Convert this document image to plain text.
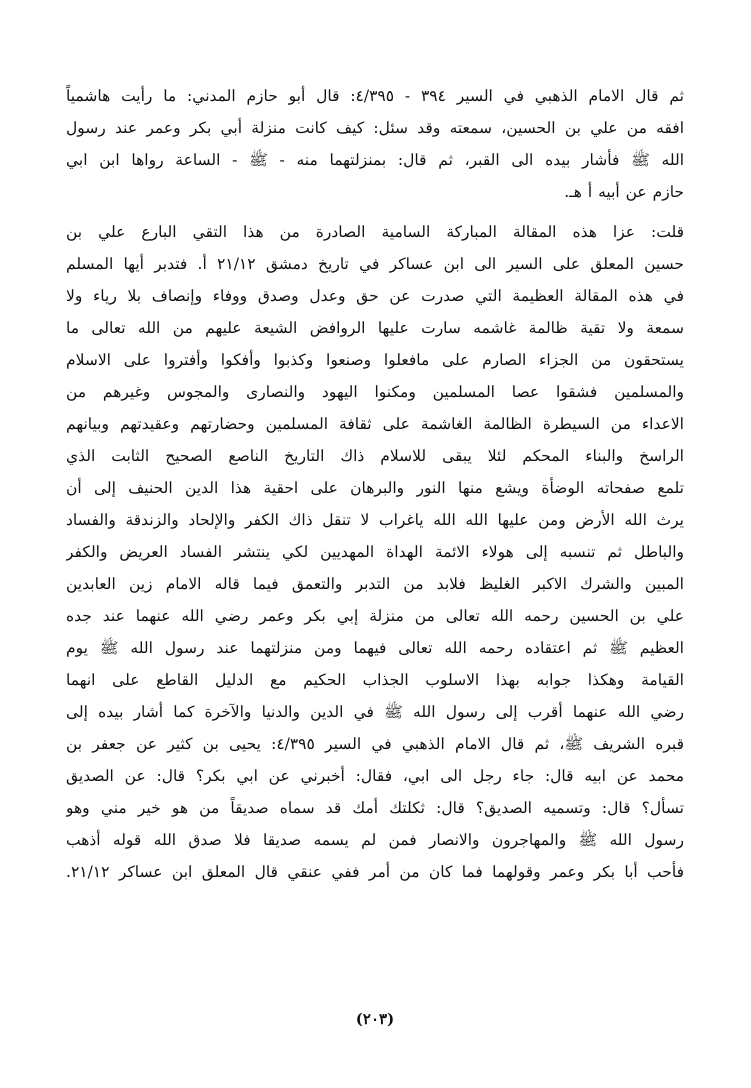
ثم قال الامام الذهبي في السير ٣٩٤ - ٤/٣٩٥: قال أبو حازم المدني: ما رأيت هاشمياً
افقه من علي بن الحسين، سمعته وقد سئل: كيف كانت منزلة أبي بكر وعمر عند رسول
الله ﷺ فأشار بيده الى القبر، ثم قال: بمنزلتهما منه - ﷺ - الساعة رواها ابن ابي
حازم عن أبيه أ هـ.
قلت: عزا هذه المقالة المباركة السامية الصادرة من هذا التقي البارع علي بن
حسين المعلق على السير الى ابن عساكر في تاريخ دمشق ٢١/١٢ أ. فتدبر أيها المسلم
في هذه المقالة العظيمة التي صدرت عن حق وعدل وصدق ووفاء وإنصاف بلا رياء ولا
سمعة ولا تقية ظالمة غاشمه سارت عليها الروافض الشيعة عليهم من الله تعالى ما
يستحقون من الجزاء الصارم على مافعلوا وصنعوا وكذبوا وأفكوا وأفتروا على الاسلام
والمسلمين فشقوا عصا المسلمين ومكنوا اليهود والنصارى والمجوس وغيرهم من
الاعداء من السيطرة الظالمة الغاشمة على ثقافة المسلمين وحضارتهم وعقيدتهم وبيانهم
الراسخ والبناء المحكم لئلا يبقى للاسلام ذاك التاريخ الناصع الصحيح الثابت الذي
تلمع صفحاته الوضأة ويشع منها النور والبرهان على احقية هذا الدين الحنيف إلى أن
يرث الله الأرض ومن عليها الله الله ياغراب لا تنقل ذاك الكفر والإلحاد والزندقة والفساد
والباطل ثم تنسبه إلى هولاء الائمة الهداة المهديين لكي ينتشر الفساد العريض والكفر
المبين والشرك الاكبر الغليظ فلابد من التدبر والتعمق فيما قاله الامام زين العابدين
علي بن الحسين رحمه الله تعالى من منزلة إبي بكر وعمر رضي الله عنهما عند جده
العظيم ﷺ ثم اعتقاده رحمه الله تعالى فيهما ومن منزلتهما عند رسول الله ﷺ يوم
القيامة وهكذا جوابه بهذا الاسلوب الجذاب الحكيم مع الدليل القاطع على انهما
رضي الله عنهما أقرب إلى رسول الله ﷺ في الدين والدنيا والآخرة كما أشار بيده إلى
قبره الشريف ﷺ، ثم قال الامام الذهبي في السير ٤/٣٩٥: يحيى بن كثير عن جعفر بن
محمد عن ابيه قال: جاء رجل الى ابي، فقال: أخبرني عن ابي بكر؟ قال: عن الصديق
تسأل؟ قال: وتسميه الصديق؟ قال: ثكلتك أمك قد سماه صديقاً من هو خير مني وهو
رسول الله ﷺ والمهاجرون والانصار فمن لم يسمه صديقا فلا صدق الله قوله أذهب
فأحب أبا بكر وعمر وقولهما فما كان من أمر ففي عنقي قال المعلق ابن عساكر ٢١/١٢.
(٢٠٣)
